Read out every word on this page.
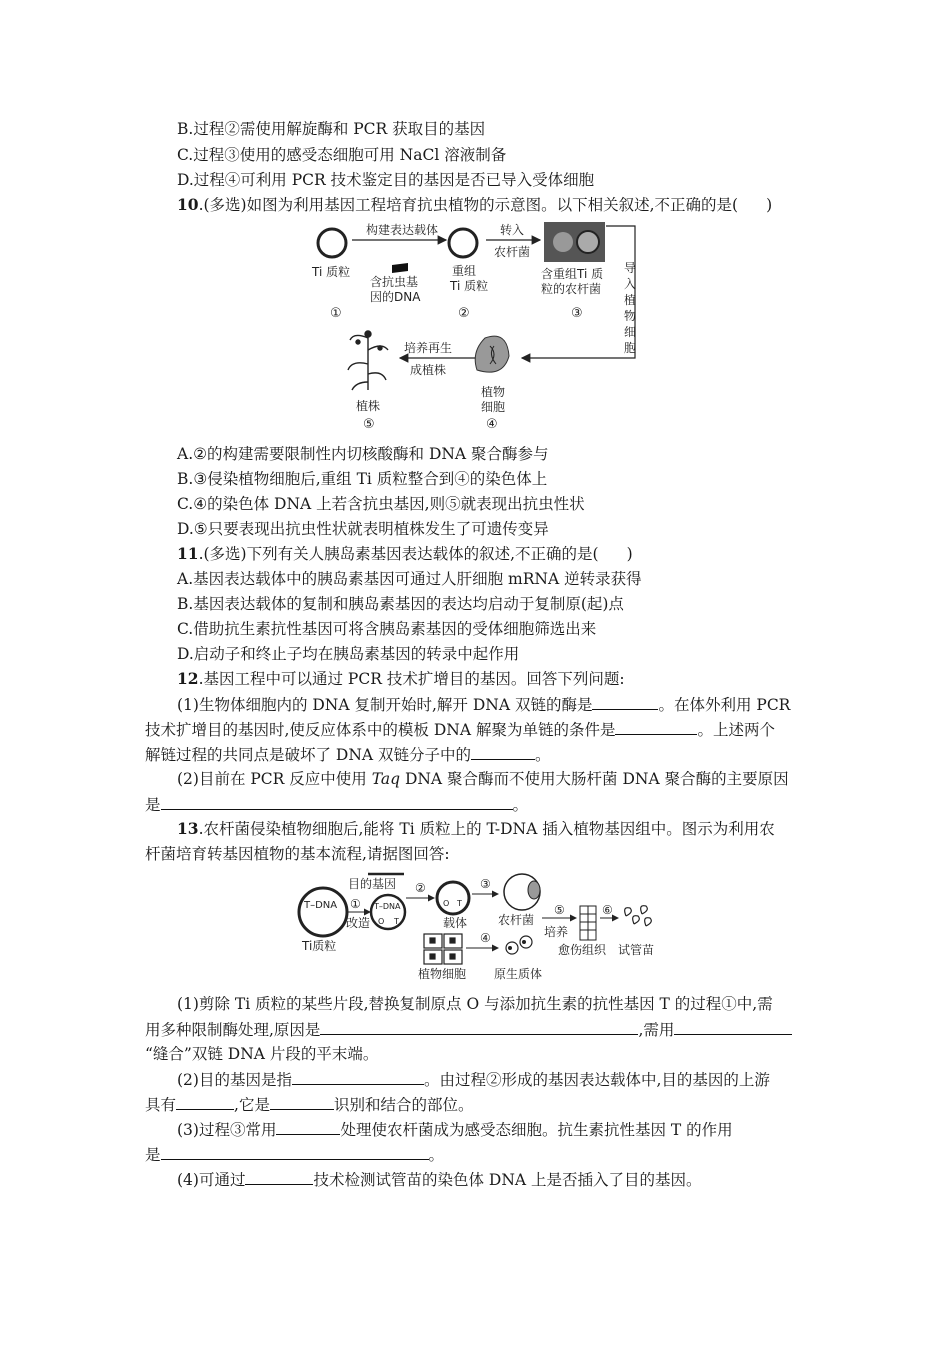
B.过程②需使用解旋酶和 PCR 获取目的基因
C.过程③使用的感受态细胞可用 NaCl 溶液制备
D.过程④可利用 PCR 技术鉴定目的基因是否已导入受体细胞
10.(多选)如图为利用基因工程培育抗虫植物的示意图。以下相关叙述,不正确的是( )
Ti 质粒
含抗虫基
因的DNA
①
构建表达载体
重组
Ti 质粒
②
转入
农杆菌
含重组Ti 质
粒的农杆菌
③
导
入
植
物
细
胞
植物
细胞
④
培养再生
成植株
植株
⑤
A.②的构建需要限制性内切核酸酶和 DNA 聚合酶参与
B.③侵染植物细胞后,重组 Ti 质粒整合到④的染色体上
C.④的染色体 DNA 上若含抗虫基因,则⑤就表现出抗虫性状
D.⑤只要表现出抗虫性状就表明植株发生了可遗传变异
11.(多选)下列有关人胰岛素基因表达载体的叙述,不正确的是( )
A.基因表达载体中的胰岛素基因可通过人肝细胞 mRNA 逆转录获得
B.基因表达载体的复制和胰岛素基因的表达均启动于复制原(起)点
C.借助抗生素抗性基因可将含胰岛素基因的受体细胞筛选出来
D.启动子和终止子均在胰岛素基因的转录中起作用
12.基因工程中可以通过 PCR 技术扩增目的基因。回答下列问题:
(1)生物体细胞内的 DNA 复制开始时,解开 DNA 双链的酶是	。在体外利用 PCR
技术扩增目的基因时,使反应体系中的模板 DNA 解聚为单链的条件是	。上述两个
解链过程的共同点是破坏了 DNA 双链分子中的	。
(2)目前在 PCR 反应中使用 Taq DNA 聚合酶而不使用大肠杆菌 DNA 聚合酶的主要原因
是	。
13.农杆菌侵染植物细胞后,能将 Ti 质粒上的 T-DNA 插入植物基因组中。图示为利用农
杆菌培育转基因植物的基本流程,请据图回答:
T–DNA
Ti质粒
①
改造
T–DNA
O T
目的基因 ②
O T
载体
③
农杆菌
⑤
培养
⑥
愈伤组织 试管苗
植物细胞
④
原生质体
(1)剪除 Ti 质粒的某些片段,替换复制原点 O 与添加抗生素的抗性基因 T 的过程①中,需
用多种限制酶处理,原因是	,需用
“缝合”双链 DNA 片段的平末端。
(2)目的基因是指	。由过程②形成的基因表达载体中,目的基因的上游
具有	,它是	识别和结合的部位。
(3)过程③常用	处理使农杆菌成为感受态细胞。抗生素抗性基因 T 的作用
是	。
(4)可通过	技术检测试管苗的染色体 DNA 上是否插入了目的基因。
